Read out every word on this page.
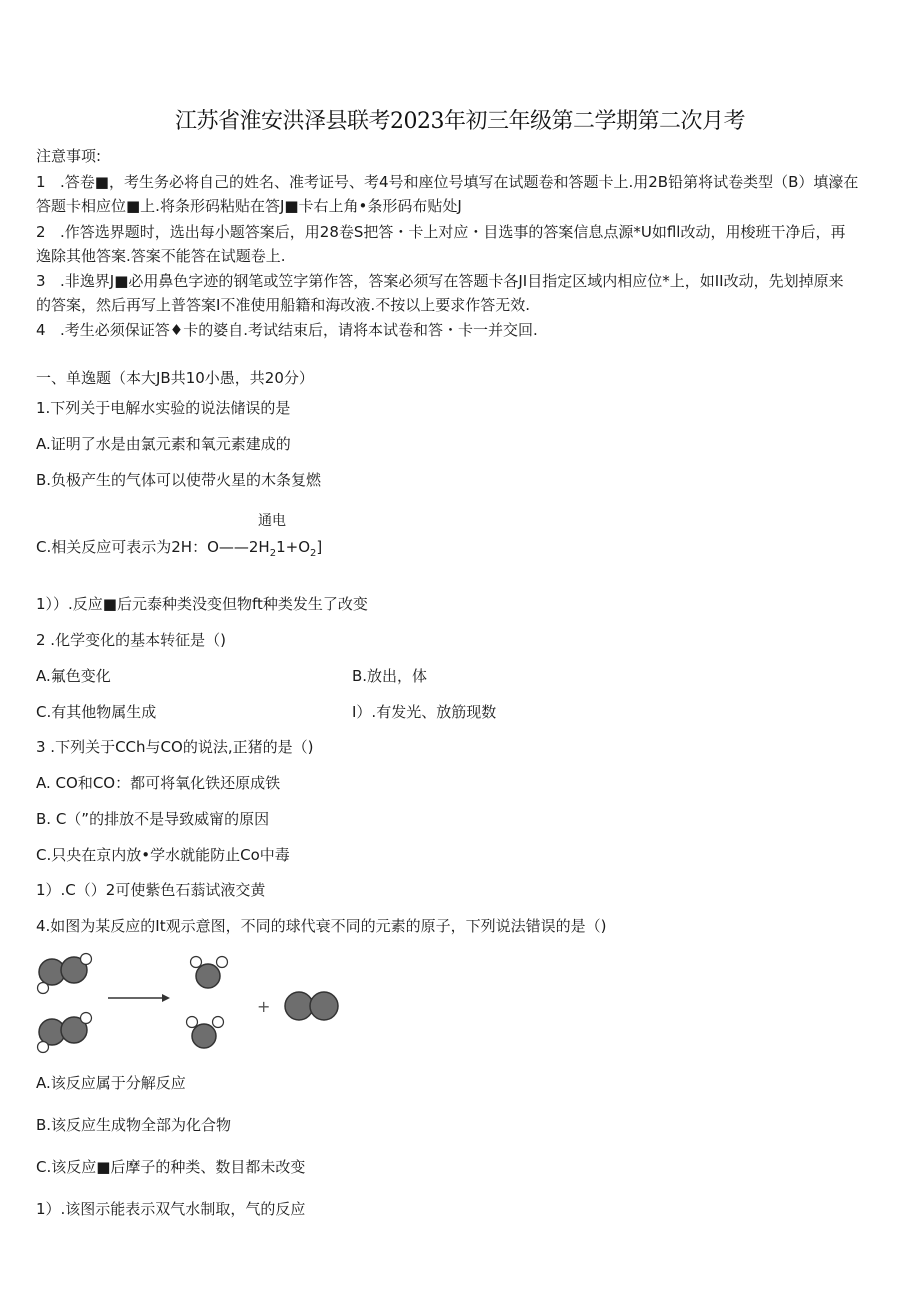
江苏省淮安洪泽县联考2023年初三年级第二学期第二次月考
注意事项:
1 .答卷■，考生务必将自己的姓名、准考证号、考4号和座位号填写在试题卷和答题卡上.用2B铅第将试卷类型（B）填濠在
答题卡相应位■上.将条形码粘贴在答J■卡右上角•条形码布贴处J
2 .作答选界题时，选出每小题答案后，用28卷S把答・卡上对应・目选事的答案信息点源*U如fll改动，用梭班干净后，再
逸除其他答案.答案不能答在试题卷上.
3 .非逸界J■必用鼻色字迹的钢笔或笠字第作答，答案必须写在答题卡各JI目指定区域内相应位*上，如II改动，先划掉原来
的答案，然后再写上普答案I不准使用船籍和海改液.不按以上要求作答无效.
4 .考生必须保证答♦卡的婆自.考试结束后，请将本试卷和答・卡一并交回.
一、单逸题（本大JB共10小愚，共20分）
1.下列关于电解水实验的说法储误的是
A.证明了水是由氯元素和氧元素建成的
B.负极产生的气体可以使带火星的木条复燃
通电
C.相关反应可表示为2H：$O——2H_21+O_2$]
1））.反应■后元泰种类没变但物ft种类发生了改变
2 .化学变化的基本转征是（)
A.氟色变化	B.放出，体
C.有其他物属生成	I）.有发光、放筋现数
3 .下列关于CCh与CO的说法,正猪的是（)
A. CO和CO：都可将氧化铁还原成铁
B. C（”的排放不是导致威甯的原因
C.只央在京内放•学水就能防止Co中毒
1）.C（）2可使紫色石蓊试液交黄
4.如图为某反应的It观示意图，不同的球代衰不同的元素的原子，下列说法错误的是（)
+
A.该反应属于分解反应
B.该反应生成物全部为化合物
C.该反应■后摩子的种类、数目都未改变
1）.该图示能表示双气水制取，气的反应
